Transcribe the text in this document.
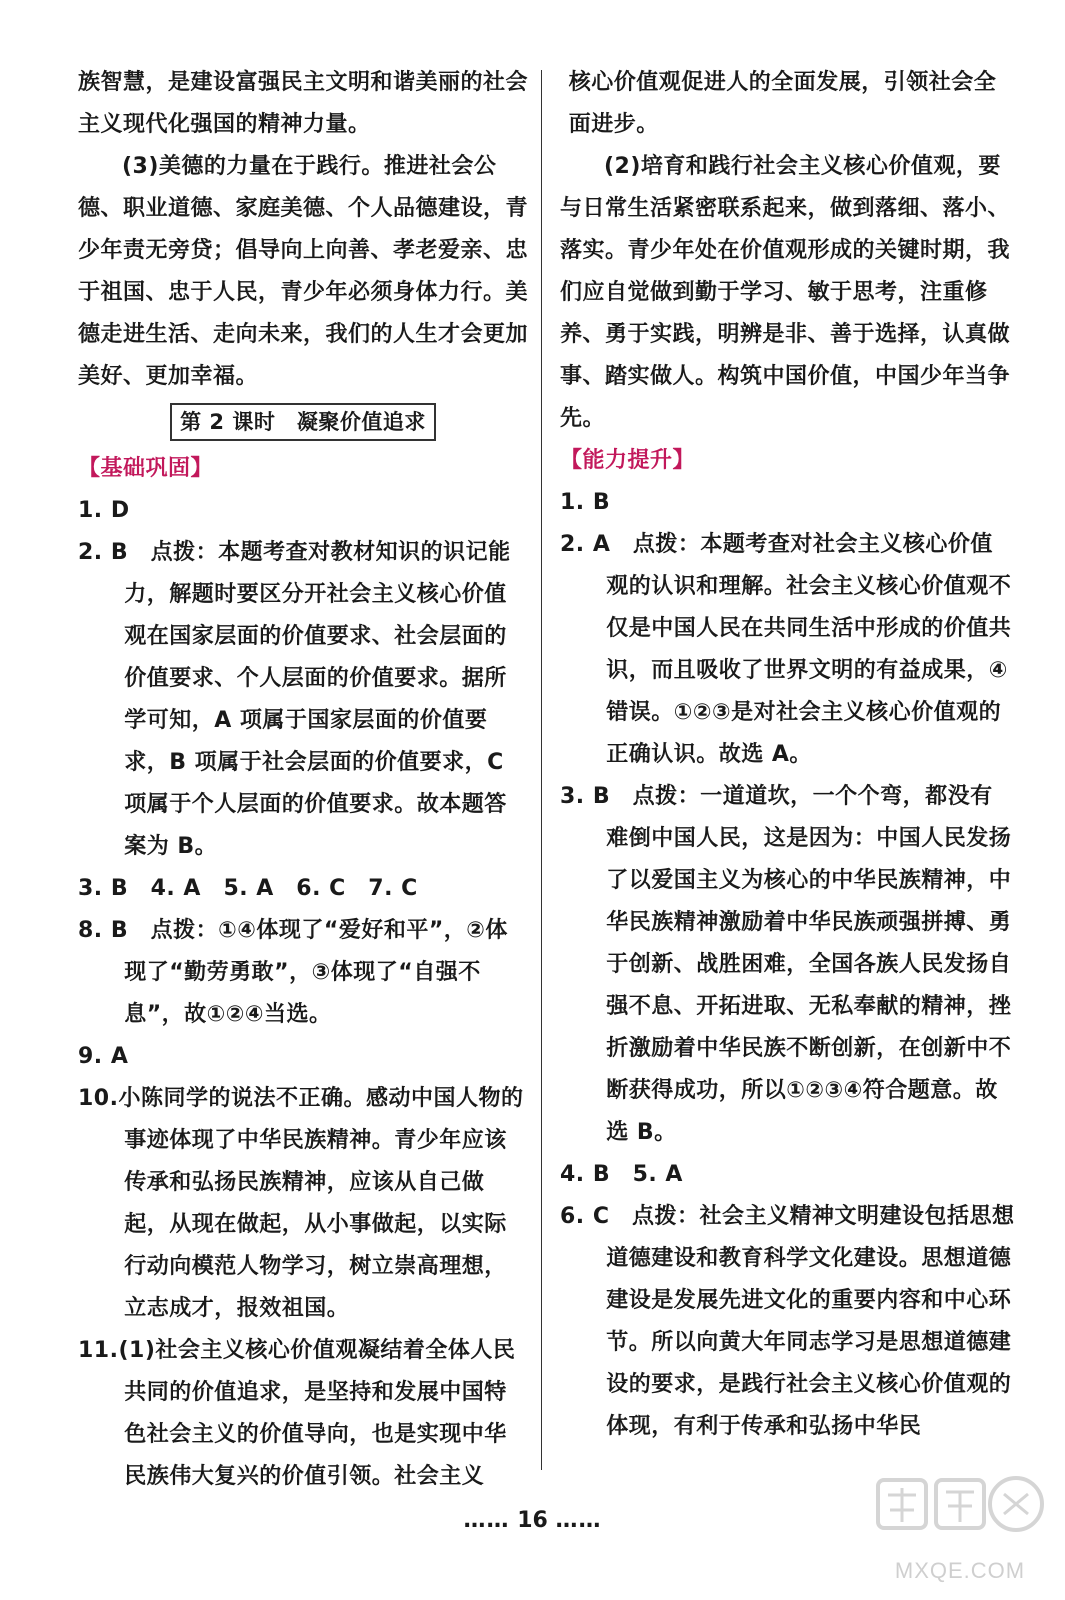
族智慧，是建设富强民主文明和谐美丽的社会主义现代化强国的精神力量。

(3)美德的力量在于践行。推进社会公德、职业道德、家庭美德、个人品德建设，青少年责无旁贷；倡导向上向善、孝老爱亲、忠于祖国、忠于人民，青少年必须身体力行。美德走进生活、走向未来，我们的人生才会更加美好、更加幸福。

第 2 课时　凝聚价值追求

【基础巩固】

1. D

2. B　 点拨：本题考查对教材知识的识记能力，解题时要区分开社会主义核心价值观在国家层面的价值要求、社会层面的价值要求、个人层面的价值要求。据所学可知，A 项属于国家层面的价值要求，B 项属于社会层面的价值要求，C 项属于个人层面的价值要求。故本题答案为 B。

3. B　4. A　5. A　6. C　7. C

8. B　 点拨：①④体现了“爱好和平”，②体现了“勤劳勇敢”，③体现了“自强不息”，故①②④当选。

9. A

10.小陈同学的说法不正确。感动中国人物的事迹体现了中华民族精神。青少年应该传承和弘扬民族精神，应该从自己做起，从现在做起，从小事做起，以实际行动向模范人物学习，树立崇高理想，立志成才，报效祖国。

11.(1)社会主义核心价值观凝结着全体人民共同的价值追求，是坚持和发展中国特色社会主义的价值导向，也是实现中华民族伟大复兴的价值引领。社会主义

核心价值观促进人的全面发展，引领社会全面进步。

(2)培育和践行社会主义核心价值观，要与日常生活紧密联系起来，做到落细、落小、落实。青少年处在价值观形成的关键时期，我们应自觉做到勤于学习、敏于思考，注重修养、勇于实践，明辨是非、善于选择，认真做事、踏实做人。构筑中国价值，中国少年当争先。

【能力提升】

1. B

2. A　 点拨：本题考查对社会主义核心价值观的认识和理解。社会主义核心价值观不仅是中国人民在共同生活中形成的价值共识，而且吸收了世界文明的有益成果，④错误。①②③是对社会主义核心价值观的正确认识。故选 A。

3. B　 点拨：一道道坎，一个个弯，都没有难倒中国人民，这是因为：中国人民发扬了以爱国主义为核心的中华民族精神，中华民族精神激励着中华民族顽强拼搏、勇于创新、战胜困难，全国各族人民发扬自强不息、开拓进取、无私奉献的精神，挫折激励着中华民族不断创新，在创新中不断获得成功，所以①②③④符合题意。故选 B。

4. B　5. A

6. C　 点拨：社会主义精神文明建设包括思想道德建设和教育科学文化建设。思想道德建设是发展先进文化的重要内容和中心环节。所以向黄大年同志学习是思想道德建设的要求，是践行社会主义核心价值观的体现，有利于传承和弘扬中华民

…… 16 ……
MXQE.COM
